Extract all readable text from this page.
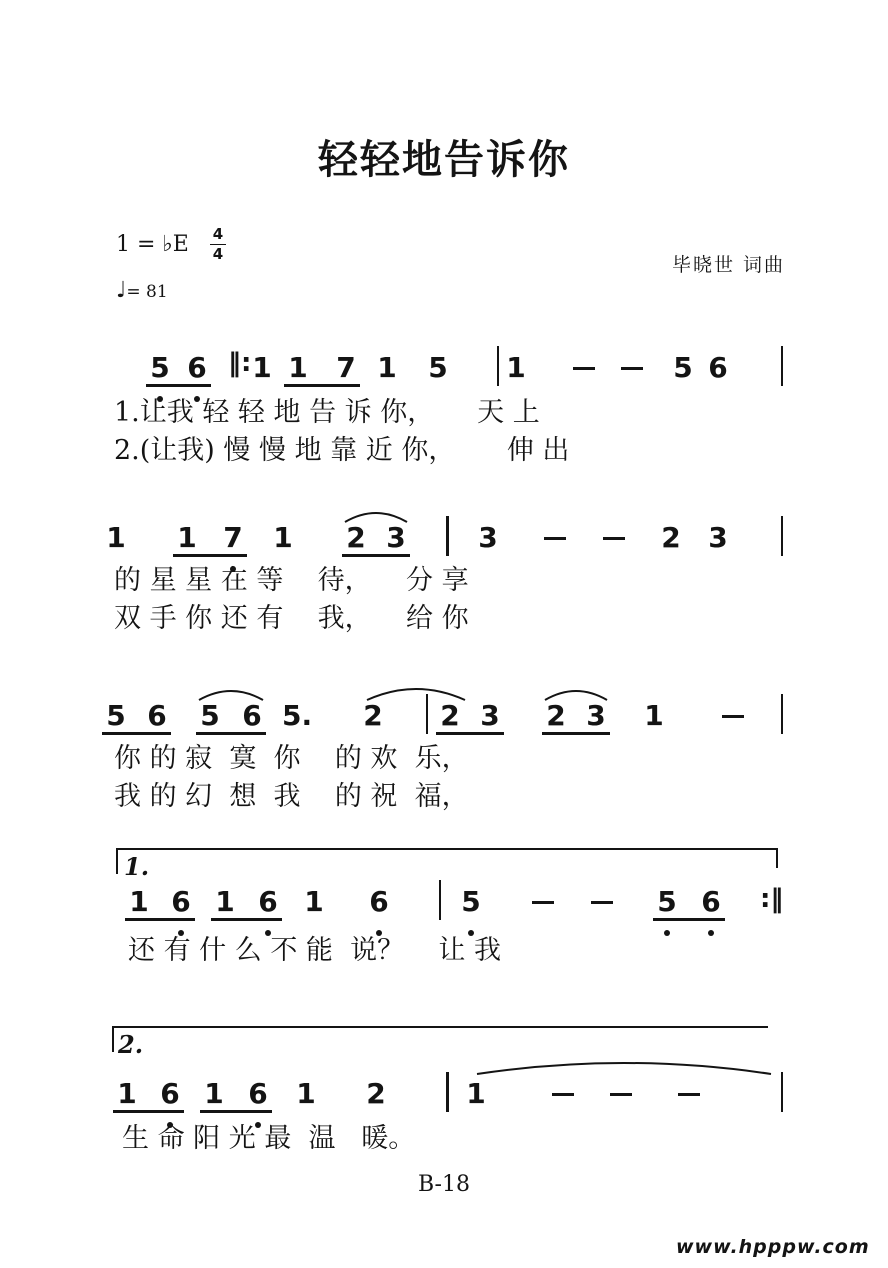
轻轻地告诉你
1 = ♭E 4
4
♩= 81
毕晓世 词曲
5 6 1 1 7 1 5 1	5 6
1 1 7 1 2 3	3	2 3
5 6 5 6 5. 2 2 3 2 3 1
1 6 1 6 1 6	5	5 6
1 6 1 6 1 2	1
‖:
:‖
1.
2.
1.让我 轻 轻 地 告 诉 你，     天 上
2.(让我) 慢 慢 地 靠 近 你，      伸 出
的 星 星 在 等    待，    分 享
双 手 你 还 有    我，    给 你
你 的 寂  寞  你    的 欢  乐，
我 的 幻  想  我    的 祝  福，
还 有 什 么 不 能  说？    让 我
生 命 阳 光 最  温   暖。
B-18
www.hpppw.com
